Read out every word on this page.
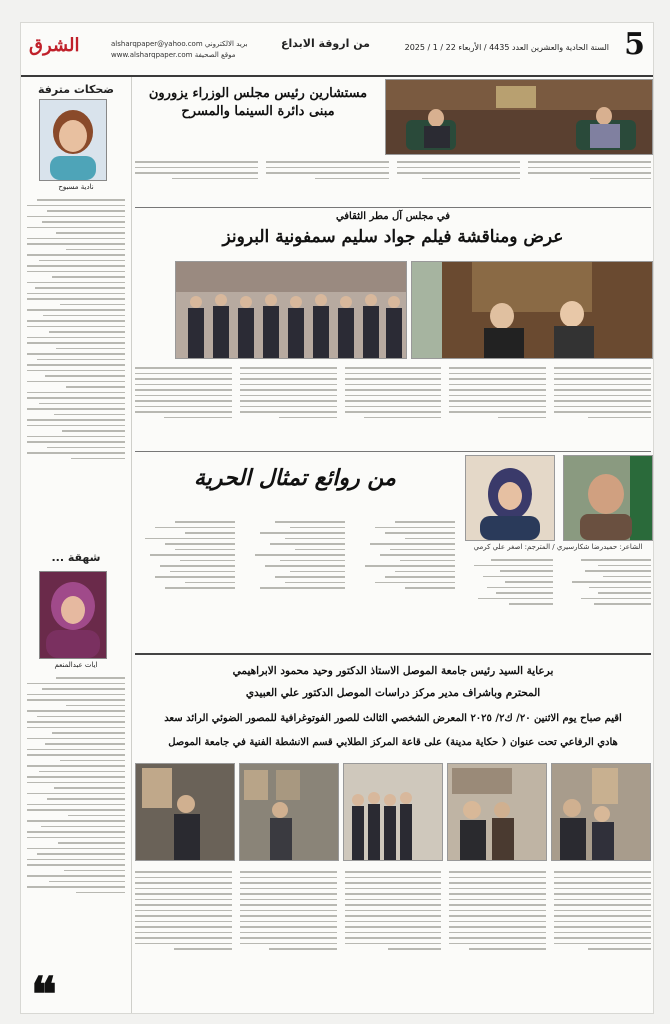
5
السنة الحادية والعشرين العدد 4435 / الأربعاء 22 / 1 / 2025
من اروقة الابداع
alsharqpaper@yahoo.com بريد الالكتروني
www.alsharqpaper.com موقع الصحيفة
الشرق
ضحكات مترفة
نادية مسبوح
شهقة ...
ايات عبدالمنعم
❝
مستشارين رئيس مجلس الوزراء يزورون مبنى دائرة السينما والمسرح
في مجلس آل مطر الثقافي
عرض ومناقشة فيلم جواد سليم سمفونية البرونز
من روائع تمثال الحرية
الشاعر: حميدرضا شكارسيري / المترجم: اصغر علي كرمي
برعاية السيد رئيس جامعة الموصل الاستاذ الدكتور وحيد محمود الابراهيمي
المحترم وباشراف مدير مركز دراسات الموصل الدكتور علي العبيدي
اقيم صباح يوم الاثنين ٢٠/ ك٢/ ٢٠٢٥ المعرض الشخصي الثالث للصور الفوتوغرافية للمصور الضوئي الرائد سعد
هادي الرفاعي تحت عنوان ( حكاية مدينة) على قاعة المركز الطلابي قسم الانشطة الفنية في جامعة الموصل
